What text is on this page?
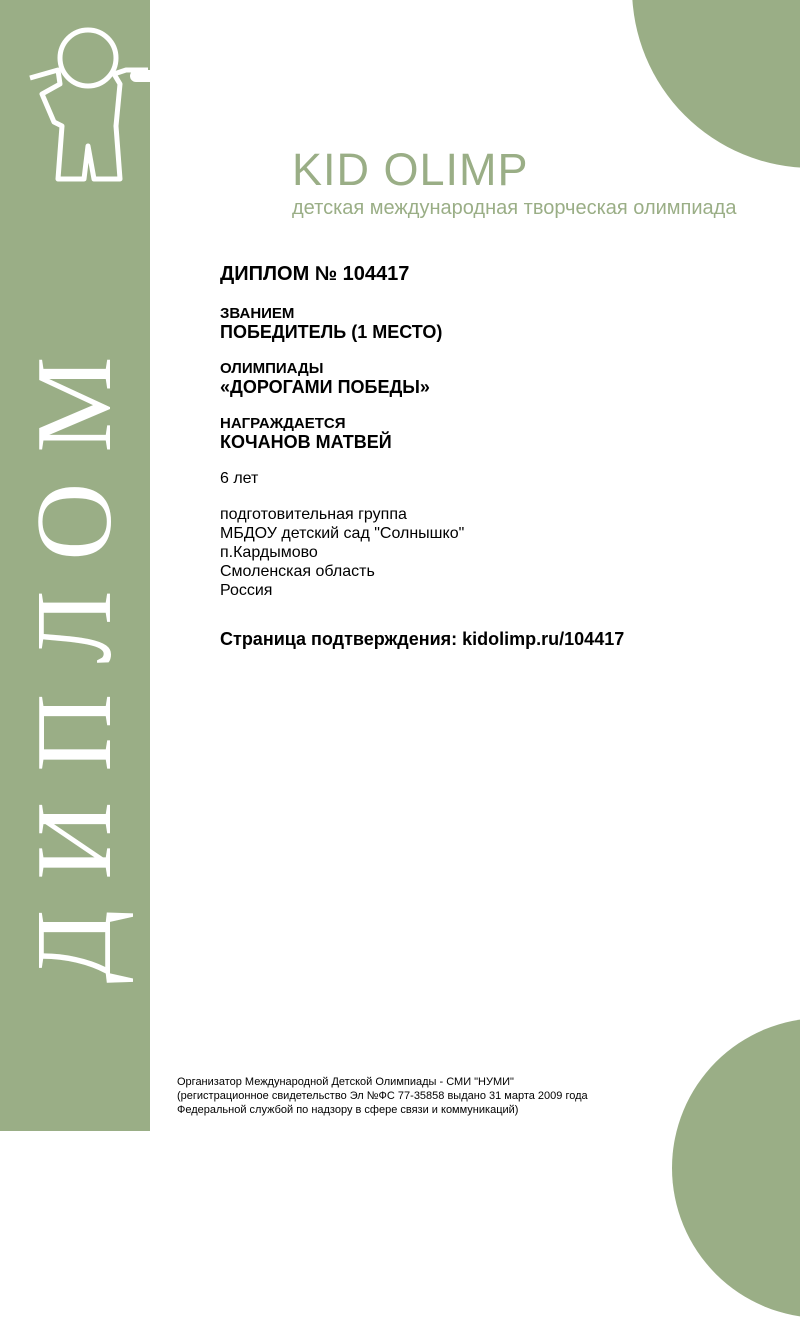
ДИПЛОМ
KID OLIMP
детская международная творческая олимпиада
ДИПЛОМ № 104417
ЗВАНИЕМ
ПОБЕДИТЕЛЬ (1 МЕСТО)
ОЛИМПИАДЫ
«ДОРОГАМИ ПОБЕДЫ»
НАГРАЖДАЕТСЯ
КОЧАНОВ МАТВЕЙ
6 лет
подготовительная группа
МБДОУ детский сад "Солнышко"
п.Кардымово
Смоленская область
Россия
Страница подтверждения: kidolimp.ru/104417
Организатор Международной Детской Олимпиады - СМИ "НУМИ"
(регистрационное свидетельство Эл №ФС 77-35858 выдано 31 марта 2009 года
Федеральной службой по надзору в сфере связи и коммуникаций)
